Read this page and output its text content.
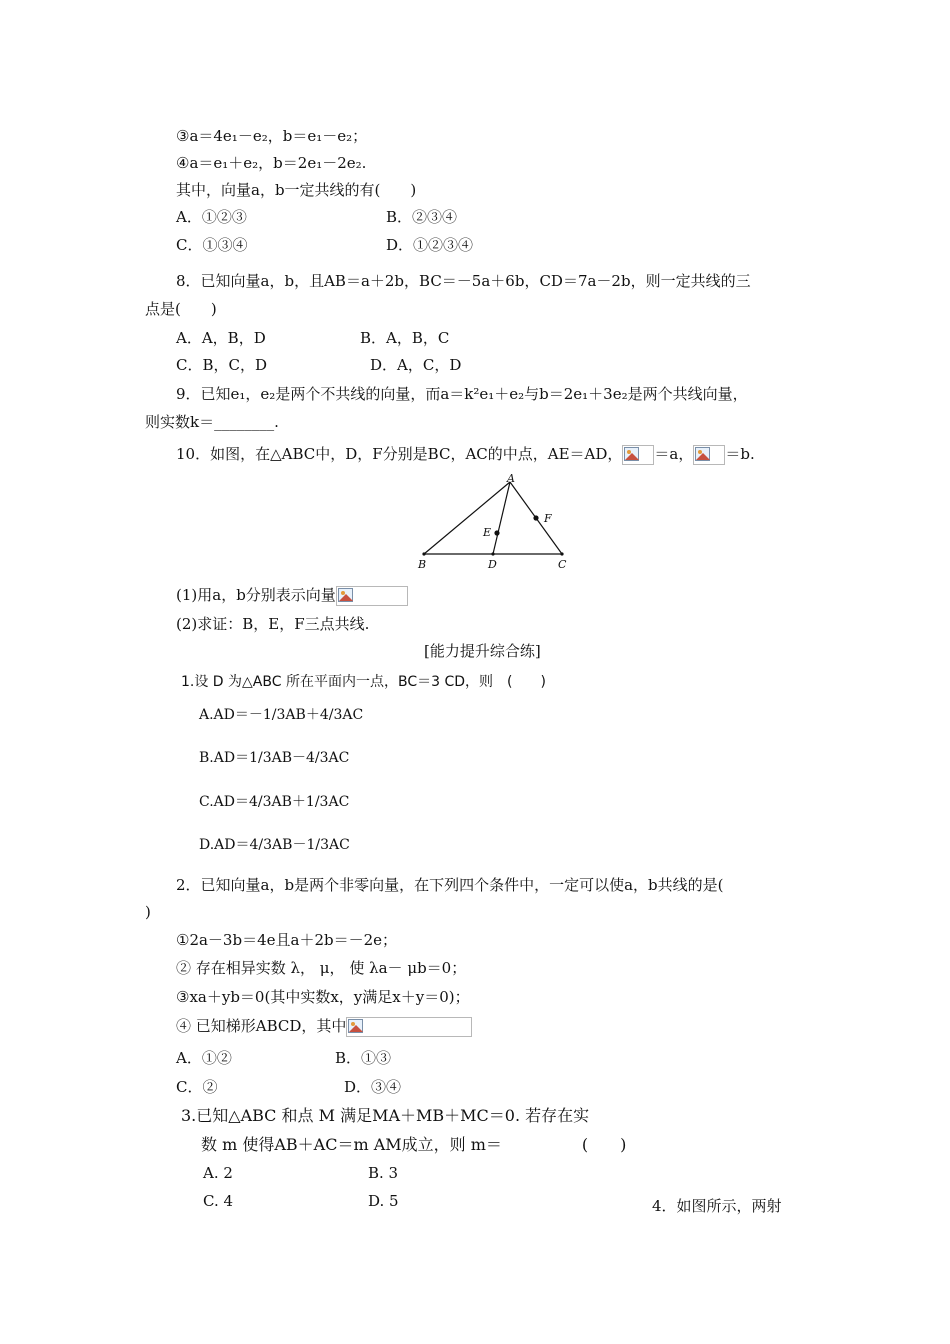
③a＝4e₁－e₂，b＝e₁－e₂；
④a＝e₁＋e₂，b＝2e₁－2e₂.
其中，向量a，b一定共线的有(　　)
A．①②③	B．②③④
C．①③④	D．①②③④
8．已知向量a，b，且AB＝a＋2b，BC＝－5a＋6b，CD＝7a－2b，则一定共线的三
点是(　　)
A．A，B，D	B．A，B，C
C．B，C，D	D．A，C，D
9．已知e₁，e₂是两个不共线的向量，而a＝k²e₁＋e₂与b＝2e₁＋3e₂是两个共线向量，
则实数k＝________.
10．如图，在△ABC中，D，F分别是BC，AC的中点，AE＝AD， ＝a， ＝b.
A
B	D	C
E
F
(1)用a，b分别表示向量
(2)求证：B，E，F三点共线.
[能力提升综合练]
1.设 D 为△ABC 所在平面内一点，BC＝3 CD，则　(　　)
A.AD＝－1/3AB＋4/3AC
B.AD＝1/3AB－4/3AC
C.AD＝4/3AB＋1/3AC
D.AD＝4/3AB－1/3AC
2．已知向量a，b是两个非零向量，在下列四个条件中，一定可以使a，b共线的是(
)
①2a－3b＝4e且a＋2b＝－2e；
② 存在相异实数 λ， μ， 使 λa－ μb＝0；
③xa＋yb＝0(其中实数x，y满足x＋y＝0)；
④ 已知梯形ABCD，其中
A．①②	B．①③
C．②	D．③④
3.已知△ABC 和点 M 满足MA＋MB＋MC＝0. 若存在实
数 m 使得AB＋AC＝m AM成立，则 m＝　　　　　(　　)
A. 2	B. 3
C. 4	D. 5	4．如图所示，两射
